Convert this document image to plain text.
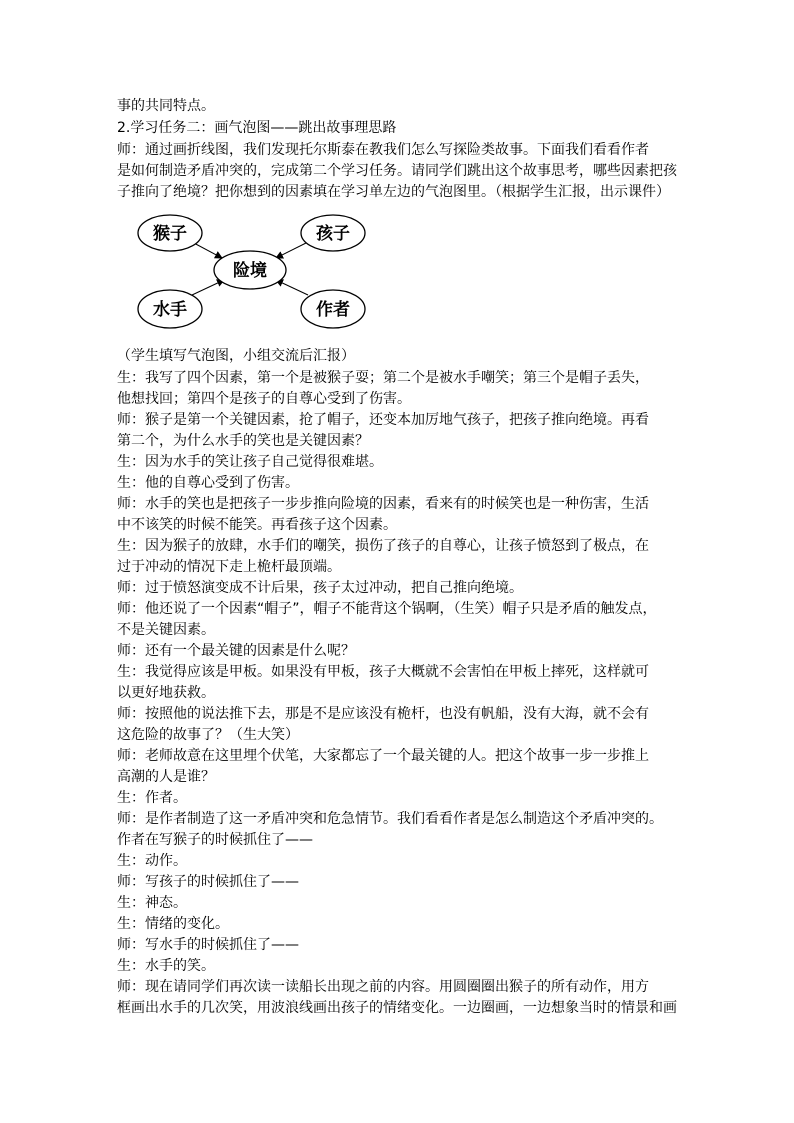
事的共同特点。
2.学习任务二：画气泡图——跳出故事理思路
师：通过画折线图，我们发现托尔斯泰在教我们怎么写探险类故事。下面我们看看作者
是如何制造矛盾冲突的，完成第二个学习任务。请同学们跳出这个故事思考，哪些因素把孩
子推向了绝境？把你想到的因素填在学习单左边的气泡图里。（根据学生汇报，出示课件）
猴子	孩子
险境
水手	作者
（学生填写气泡图，小组交流后汇报）
生：我写了四个因素，第一个是被猴子耍；第二个是被水手嘲笑；第三个是帽子丢失，
他想找回；第四个是孩子的自尊心受到了伤害。
师：猴子是第一个关键因素，抢了帽子，还变本加厉地气孩子，把孩子推向绝境。再看
第二个，为什么水手的笑也是关键因素？
生：因为水手的笑让孩子自己觉得很难堪。
生：他的自尊心受到了伤害。
师：水手的笑也是把孩子一步步推向险境的因素，看来有的时候笑也是一种伤害，生活
中不该笑的时候不能笑。再看孩子这个因素。
生：因为猴子的放肆，水手们的嘲笑，损伤了孩子的自尊心，让孩子愤怒到了极点，在
过于冲动的情况下走上桅杆最顶端。
师：过于愤怒演变成不计后果，孩子太过冲动，把自己推向绝境。
师：他还说了一个因素“帽子”，帽子不能背这个锅啊，（生笑）帽子只是矛盾的触发点，
不是关键因素。
师：还有一个最关键的因素是什么呢？
生：我觉得应该是甲板。如果没有甲板，孩子大概就不会害怕在甲板上摔死，这样就可
以更好地获救。
师：按照他的说法推下去，那是不是应该没有桅杆，也没有帆船，没有大海，就不会有
这危险的故事了？（生大笑）
师：老师故意在这里埋个伏笔，大家都忘了一个最关键的人。把这个故事一步一步推上
高潮的人是谁？
生：作者。
师：是作者制造了这一矛盾冲突和危急情节。我们看看作者是怎么制造这个矛盾冲突的。
作者在写猴子的时候抓住了——
生：动作。
师：写孩子的时候抓住了——
生：神态。
生：情绪的变化。
师：写水手的时候抓住了——
生：水手的笑。
师：现在请同学们再次读一读船长出现之前的内容。用圆圈圈出猴子的所有动作，用方
框画出水手的几次笑，用波浪线画出孩子的情绪变化。一边圈画，一边想象当时的情景和画
